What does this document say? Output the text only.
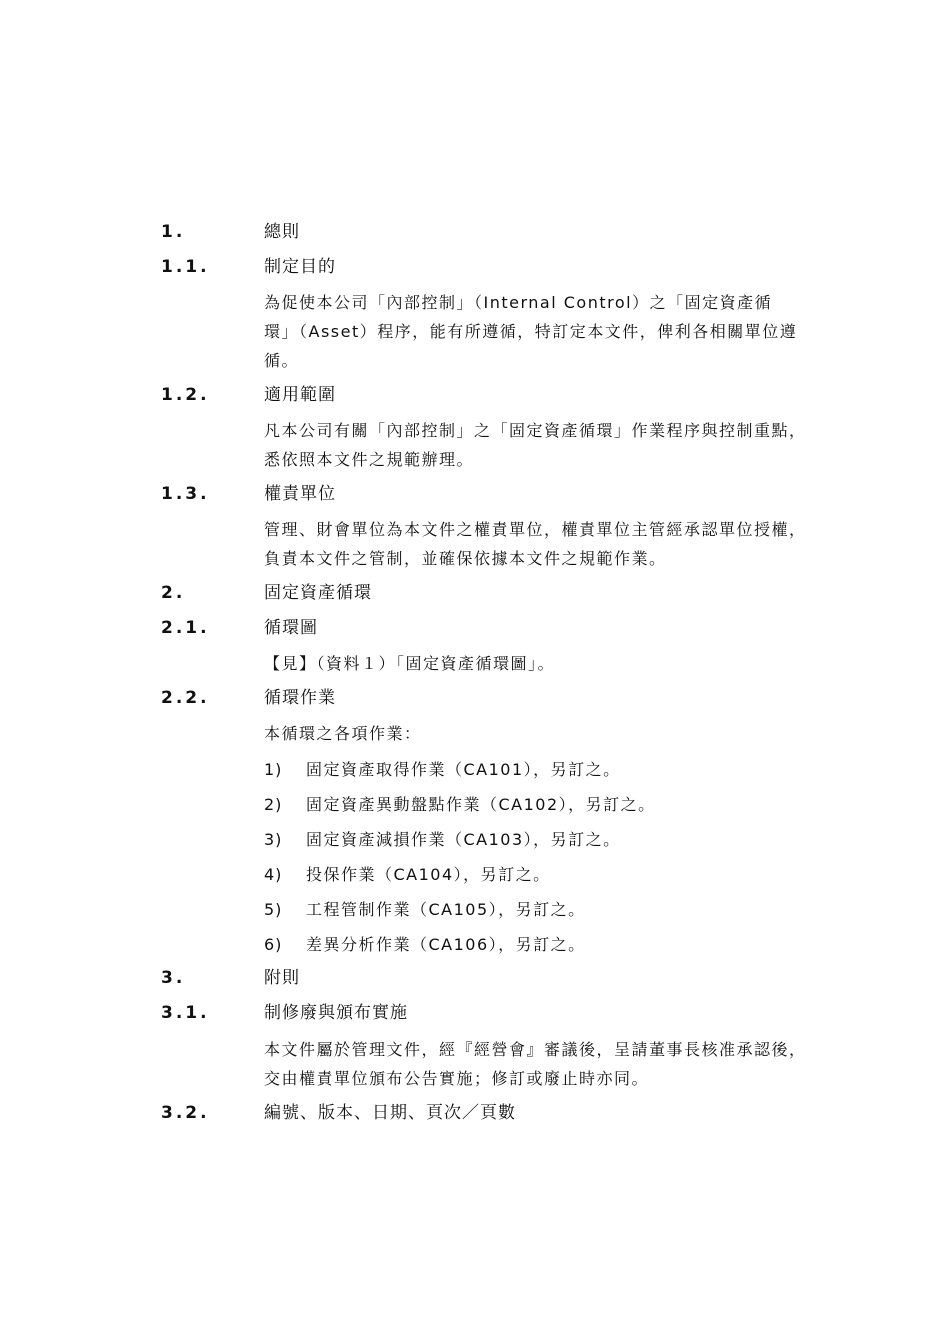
1.	總則
1.1.	制定目的
為促使本公司「內部控制」（Internal Control）之「固定資產循
環」（Asset）程序，能有所遵循，特訂定本文件，俾利各相關單位遵
循。
1.2.	適用範圍
凡本公司有關「內部控制」之「固定資產循環」作業程序與控制重點，
悉依照本文件之規範辦理。
1.3.	權責單位
管理、財會單位為本文件之權責單位，權責單位主管經承認單位授權，
負責本文件之管制，並確保依據本文件之規範作業。
2.	固定資產循環
2.1.	循環圖
【見】（資料１）「固定資產循環圖」。
2.2.	循環作業
本循環之各項作業：
1) 固定資產取得作業（CA101），另訂之。
2) 固定資產異動盤點作業（CA102），另訂之。
3) 固定資產減損作業（CA103），另訂之。
4) 投保作業（CA104），另訂之。
5) 工程管制作業（CA105），另訂之。
6) 差異分析作業（CA106），另訂之。
3.	附則
3.1.	制修廢與頒布實施
本文件屬於管理文件，經『經營會』審議後，呈請董事長核准承認後，
交由權責單位頒布公告實施；修訂或廢止時亦同。
3.2.	編號、版本、日期、頁次／頁數
